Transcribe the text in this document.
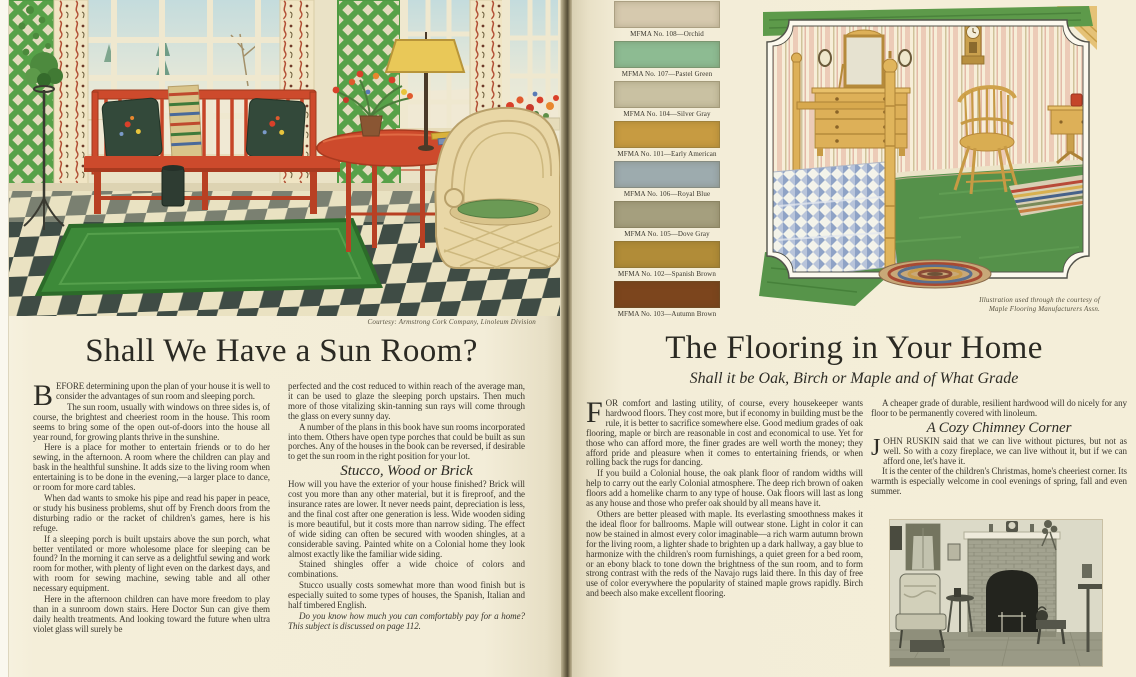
Courtesy: Armstrong Cork Company, Linoleum Division
Shall We Have a Sun Room?

BEFORE determining upon the plan of your house it is well to consider the advantages of sun room and sleeping porch.

The sun room, usually with windows on three sides is, of course, the brightest and cheeriest room in the house. This room seems to bring some of the open out-of-doors into the house all year round, for growing plants thrive in the sunshine.

Here is a place for mother to entertain friends or to do her sewing, in the afternoon. A room where the children can play and bask in the healthful sunshine. It adds size to the living room when entertaining is to be done in the evening,—a larger place to dance, or room for more card tables.

When dad wants to smoke his pipe and read his paper in peace, or study his business problems, shut off by French doors from the disturbing radio or the racket of children's games, here is his refuge.

If a sleeping porch is built upstairs above the sun porch, what better ventilated or more wholesome place for sleeping can be found? In the morning it can serve as a delightful sewing and work room for mother, with plenty of light even on the darkest days, and with room for sewing machine, sewing table and all other necessary equipment.

Here in the afternoon children can have more freedom to play than in a sunroom down stairs. Here Doctor Sun can give them daily health treatments. And looking toward the future when ultra violet glass will surely be

perfected and the cost reduced to within reach of the average man, it can be used to glaze the sleeping porch upstairs. Then much more of those vitalizing skin-tanning sun rays will come through the glass on every sunny day.

A number of the plans in this book have sun rooms incorporated into them. Others have open type porches that could be built as sun porches. Any of the houses in the book can be reversed, if desirable to get the sun room in the right position for your lot.

Stucco, Wood or Brick

How will you have the exterior of your house finished? Brick will cost you more than any other material, but it is fireproof, and the insurance rates are lower. It never needs paint, depreciation is less, and the final cost after one generation is less. Wide wooden siding is more beautiful, but it costs more than narrow siding. The effect of wide siding can often be secured with wooden shingles, at a considerable saving. Painted white on a Colonial home they look almost exactly like the familiar wide siding.

Stained shingles offer a wide choice of colors and combinations.

Stucco usually costs somewhat more than wood finish but is especially suited to some types of houses, the Spanish, Italian and half timbered English.

Do you know how much you can comfortably pay for a home? This subject is discussed on page 112.

MFMA No. 108—Orchid
MFMA No. 107—Pastel Green
MFMA No. 104—Silver Gray
MFMA No. 101—Early American
MFMA No. 106—Royal Blue
MFMA No. 105—Dove Gray
MFMA No. 102—Spanish Brown
MFMA No. 103—Autumn Brown
Illustration used through the courtesy of
Maple Flooring Manufacturers Assn.
The Flooring in Your Home
Shall it be Oak, Birch or Maple and of What Grade

FOR comfort and lasting utility, of course, every housekeeper wants hardwood floors. They cost more, but if economy in building must be the rule, it is better to sacrifice somewhere else. Good medium grades of oak flooring, maple or birch are reasonable in cost and economical to use. Yet for those who can afford more, the finer grades are well worth the money; they afford pride and pleasure when it comes to entertaining friends, or when rolling back the rugs for dancing.

If you build a Colonial house, the oak plank floor of random widths will help to carry out the early Colonial atmosphere. The deep rich brown of oaken floors add a homelike charm to any type of house. Oak floors will last as long as any house and those who prefer oak should by all means have it.

Others are better pleased with maple. Its everlasting smoothness makes it the ideal floor for ballrooms. Maple will outwear stone. Light in color it can now be stained in almost every color imaginable—a rich warm autumn brown for the living room, a lighter shade to brighten up a dark hallway, a gay blue to harmonize with the children's room furnishings, a quiet green for a bed room, or an ebony black to tone down the brightness of the sun room, and to form strong contrast with the reds of the Navajo rugs laid there. In this day of free use of color everywhere the popularity of stained maple grows rapidly. Birch and beech also make excellent flooring.

A cheaper grade of durable, resilient hardwood will do nicely for any floor to be permanently covered with linoleum.

A Cozy Chimney Corner

JOHN RUSKIN said that we can live without pictures, but not as well. So with a cozy fireplace, we can live without it, but if we can afford one, let's have it.

It is the center of the children's Christmas, home's cheeriest corner. Its warmth is especially welcome in cool evenings of spring, fall and even summer.
